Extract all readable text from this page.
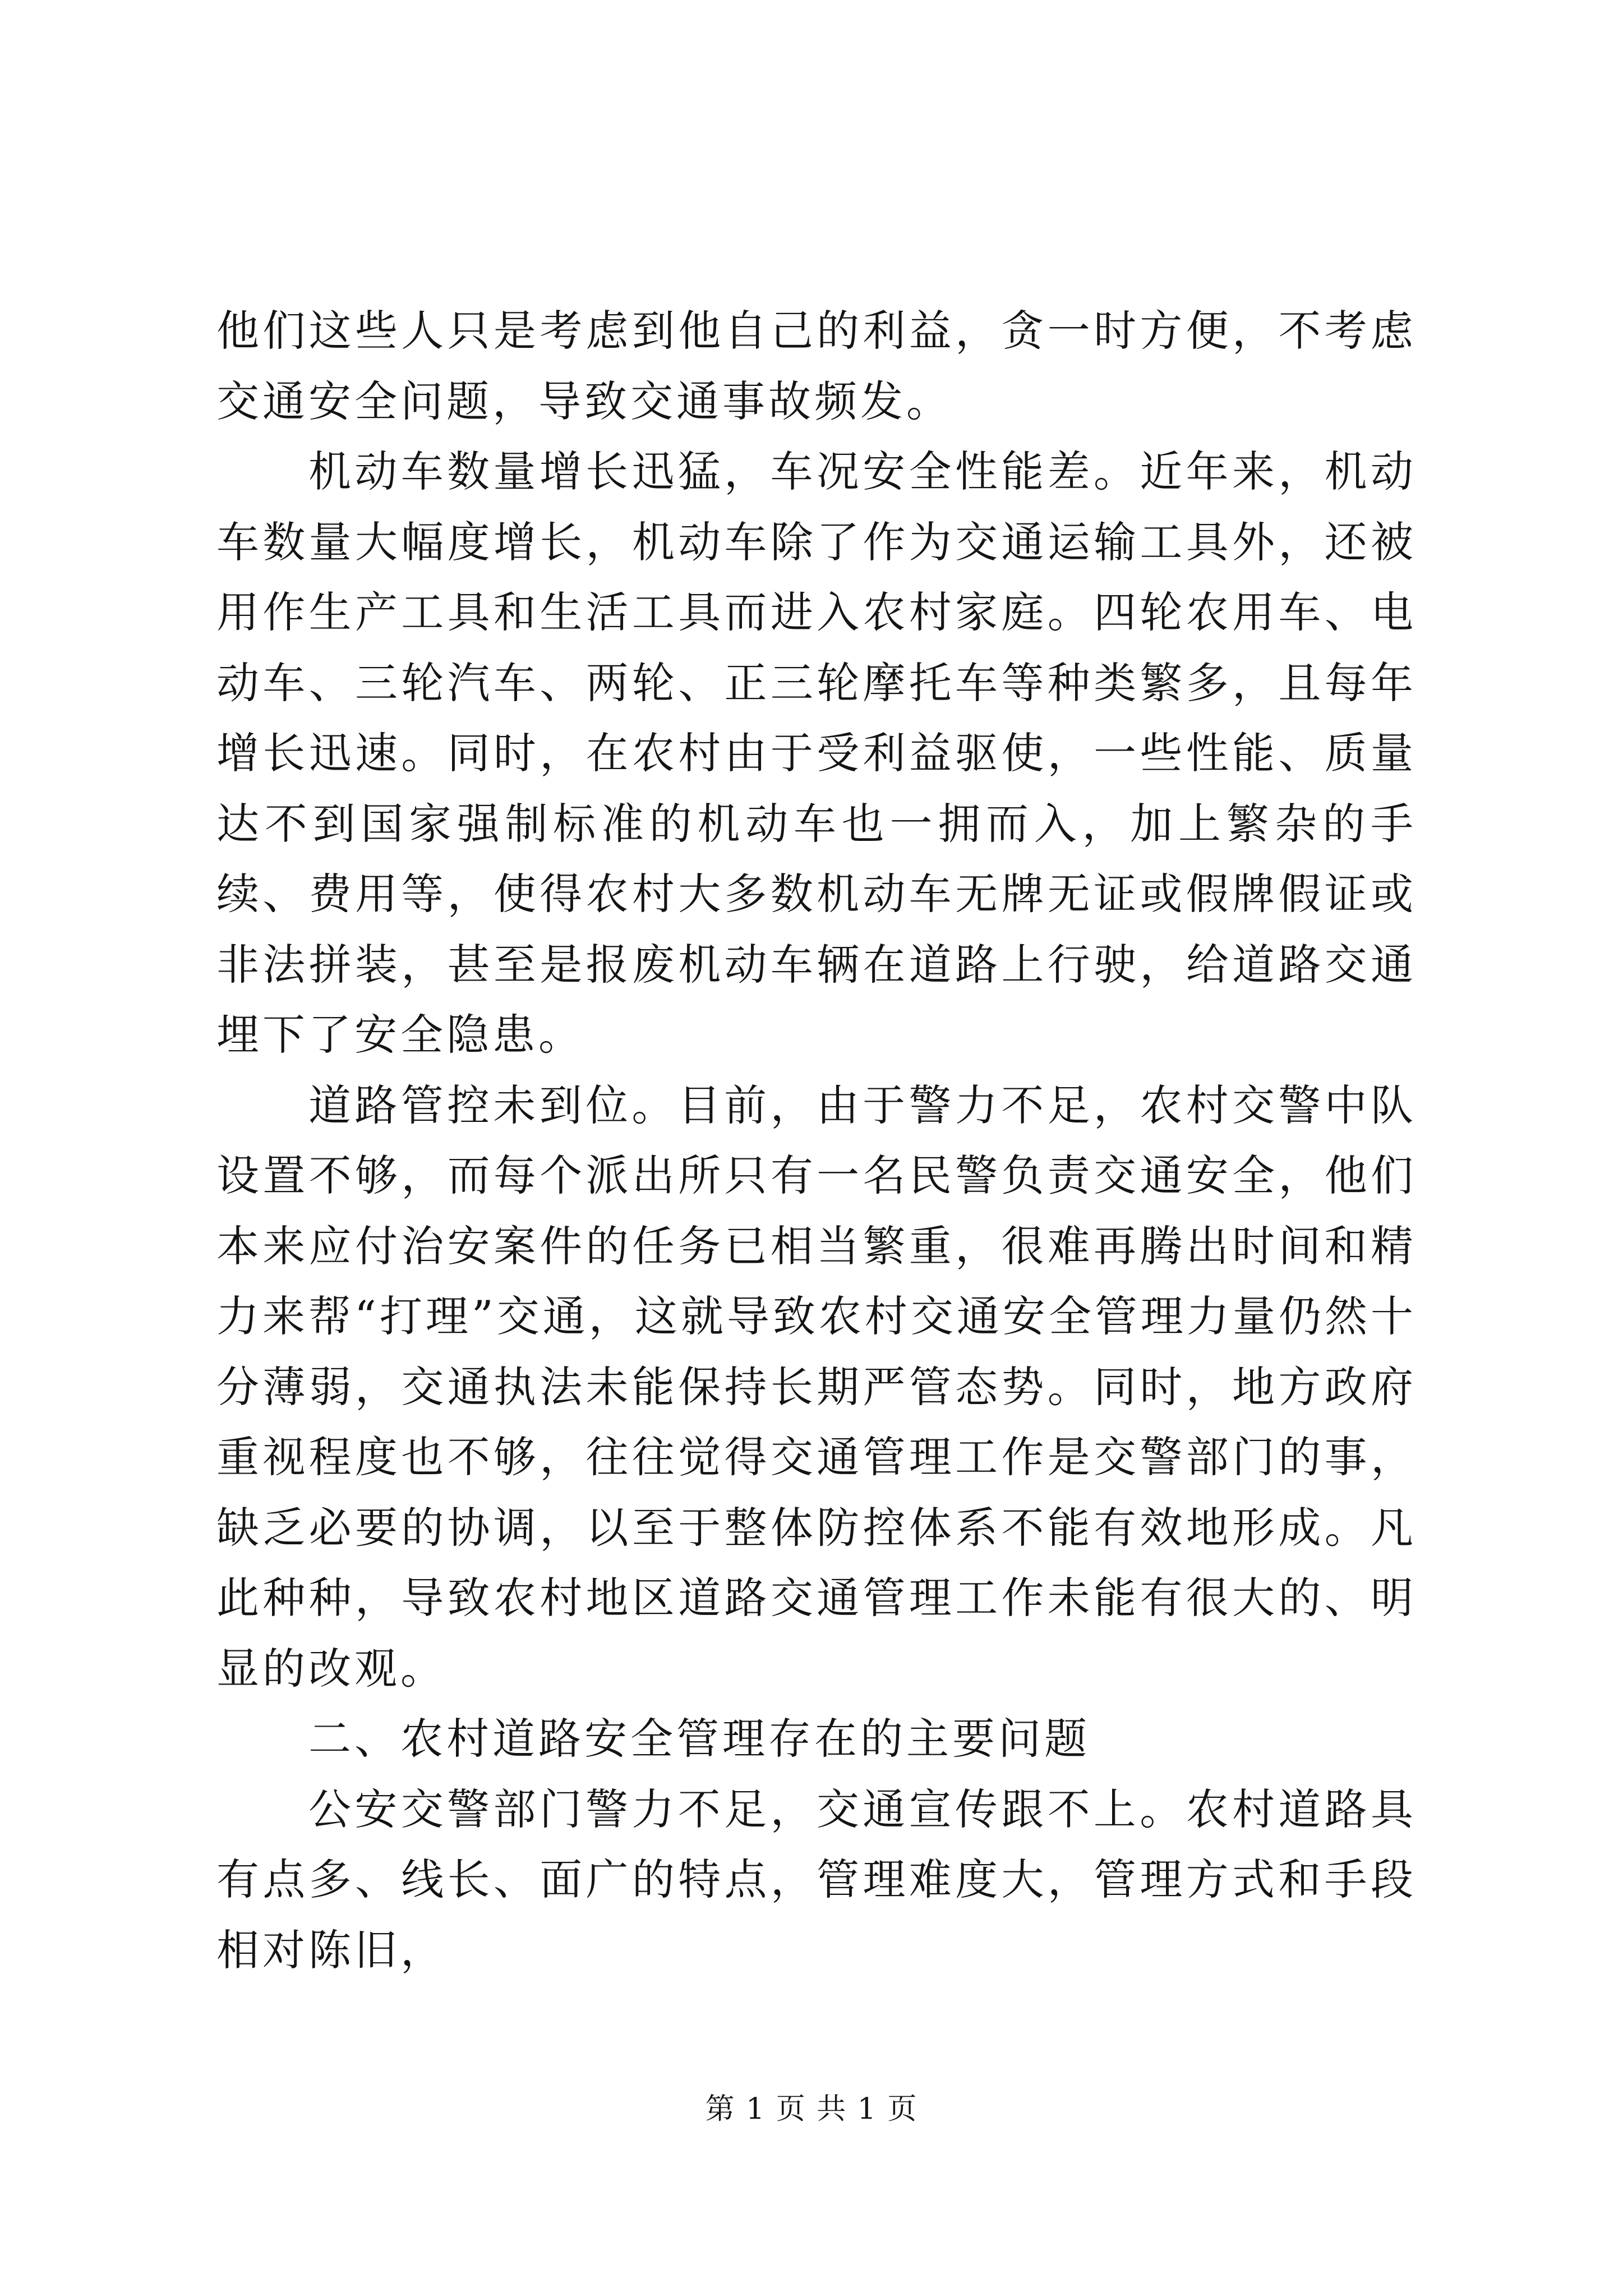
他们这些人只是考虑到他自己的利益，贪一时方便，不考虑交通安全问题，导致交通事故频发。

机动车数量增长迅猛，车况安全性能差。近年来，机动车数量大幅度增长，机动车除了作为交通运输工具外，还被用作生产工具和生活工具而进入农村家庭。四轮农用车、电动车、三轮汽车、两轮、正三轮摩托车等种类繁多，且每年增长迅速。同时，在农村由于受利益驱使，一些性能、质量达不到国家强制标准的机动车也一拥而入，加上繁杂的手续、费用等，使得农村大多数机动车无牌无证或假牌假证或非法拼装，甚至是报废机动车辆在道路上行驶，给道路交通埋下了安全隐患。

道路管控未到位。目前，由于警力不足，农村交警中队设置不够，而每个派出所只有一名民警负责交通安全，他们本来应付治安案件的任务已相当繁重，很难再腾出时间和精力来帮“打理”交通，这就导致农村交通安全管理力量仍然十分薄弱，交通执法未能保持长期严管态势。同时，地方政府重视程度也不够，往往觉得交通管理工作是交警部门的事，缺乏必要的协调，以至于整体防控体系不能有效地形成。凡此种种，导致农村地区道路交通管理工作未能有很大的、明显的改观。

二、农村道路安全管理存在的主要问题

公安交警部门警力不足，交通宣传跟不上。农村道路具有点多、线长、面广的特点，管理难度大，管理方式和手段相对陈旧，

第 1 页 共 1 页
